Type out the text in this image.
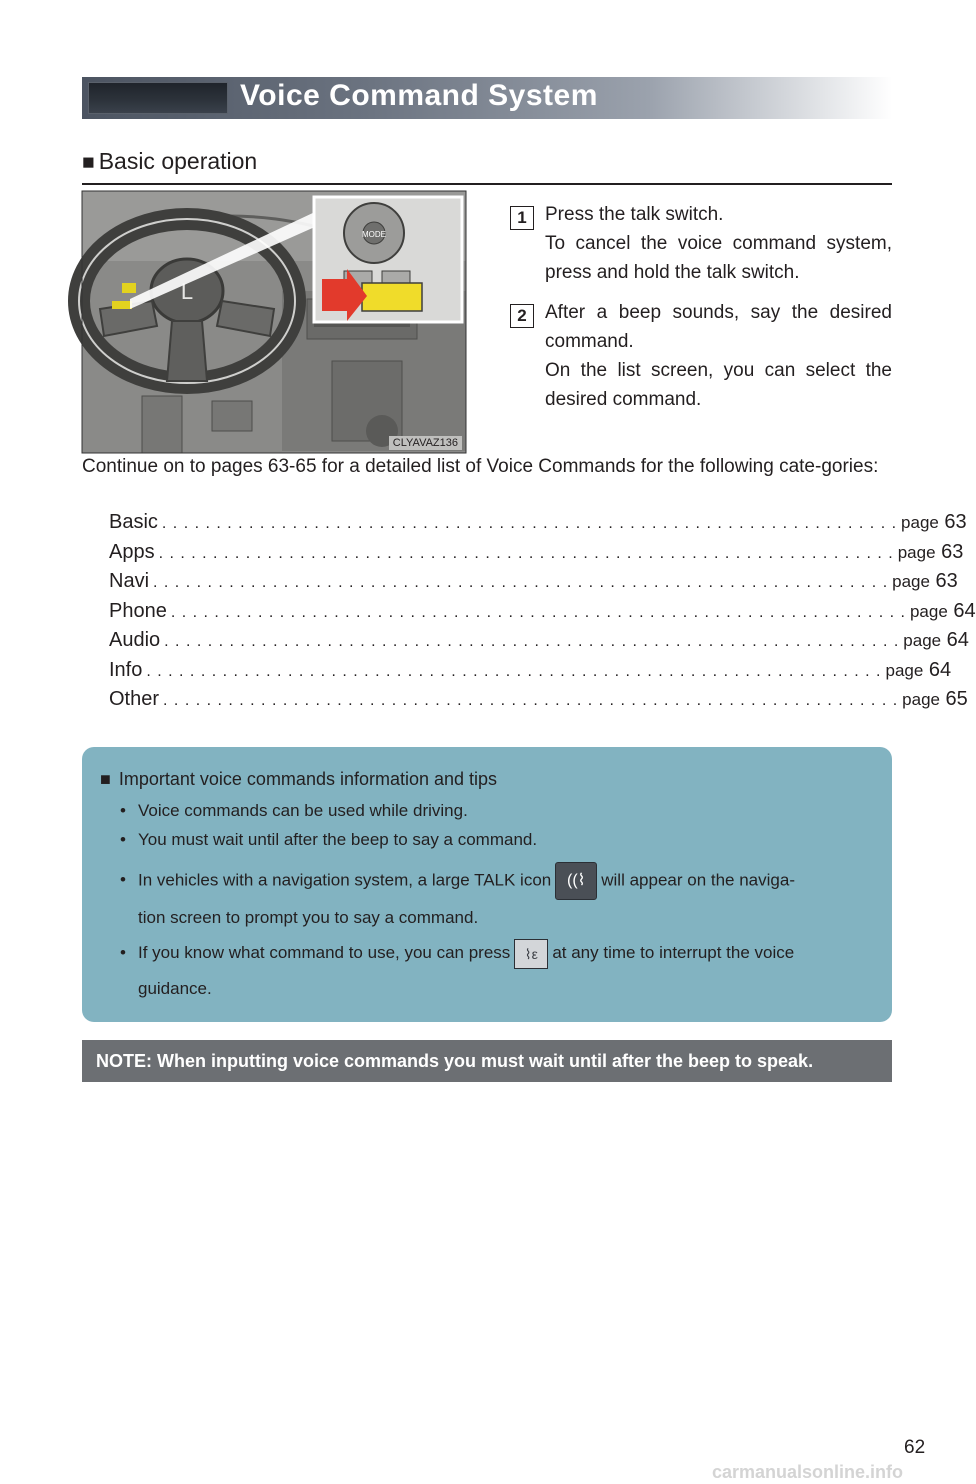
Voice Command System
■ Basic operation
L
MODE
CLYAVAZ136
1 Press the talk switch.
To cancel the voice command system,
press and hold the talk switch.
2 After a beep sounds, say the desired
command.
On the list screen, you can select the
desired command.
Continue on to pages 63-65 for a detailed list of Voice Commands for the following cate-gories:
Basic . . . . . . . . . . . . . . . . . . . . . . . . . . . . . . . . . . . . . . . . . . . . . . . . . . . . . . . . . . . . . . . . . . . . page 63
Apps . . . . . . . . . . . . . . . . . . . . . . . . . . . . . . . . . . . . . . . . . . . . . . . . . . . . . . . . . . . . . . . . . . . . page 63
Navi . . . . . . . . . . . . . . . . . . . . . . . . . . . . . . . . . . . . . . . . . . . . . . . . . . . . . . . . . . . . . . . . . . . . page 63
Phone . . . . . . . . . . . . . . . . . . . . . . . . . . . . . . . . . . . . . . . . . . . . . . . . . . . . . . . . . . . . . . . . . . . . page 64
Audio . . . . . . . . . . . . . . . . . . . . . . . . . . . . . . . . . . . . . . . . . . . . . . . . . . . . . . . . . . . . . . . . . . . . page 64
Info . . . . . . . . . . . . . . . . . . . . . . . . . . . . . . . . . . . . . . . . . . . . . . . . . . . . . . . . . . . . . . . . . . . . page 64
Other . . . . . . . . . . . . . . . . . . . . . . . . . . . . . . . . . . . . . . . . . . . . . . . . . . . . . . . . . . . . . . . . . . . . page 65
■ Important voice commands information and tips
• Voice commands can be used while driving.
• You must wait until after the beep to say a command.
• In vehicles with a navigation system, a large TALK icon ((⌇ will appear on the naviga-
tion screen to prompt you to say a command.
• If you know what command to use, you can press ⌇ε at any time to interrupt the voice
guidance.
NOTE: When inputting voice commands you must wait until after the beep to speak.
62
carmanualsonline.info
